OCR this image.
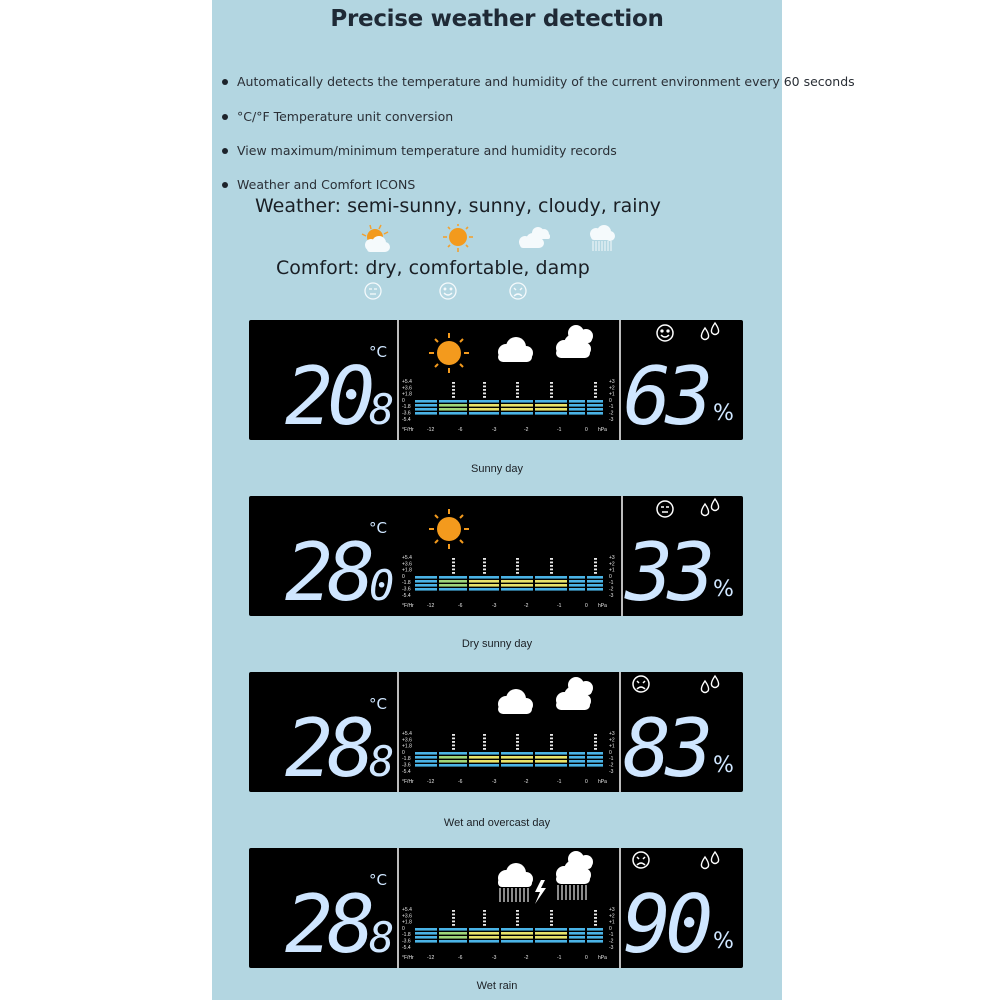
Precise weather detection
Automatically detects the temperature and humidity of the current environment every 60 seconds
°C/°F Temperature unit conversion
View maximum/minimum temperature and humidity records
Weather and Comfort ICONS
Weather: semi-sunny, sunny, cloudy, rainy
Comfort: dry, comfortable, damp
20 °C
8
+5.4
+3.6
+1.8
0
-1.8
-3.6
-5.4
+3
+2
+1
0
-1
-2
-3
°F/Hr	-12	-6	-3	-2	-1	0 hPa 63 %
Sunny day
28 °C
0
+5.4
+3.6
+1.8
0
-1.8
-3.6
-5.4
+3
+2
+1
0
-1
-2
-3
°F/Hr	-12	-6	-3	-2	-1	0 hPa 33 %
Dry sunny day
28 °C
8
+5.4
+3.6
+1.8
0
-1.8
-3.6
-5.4
+3
+2
+1
0
-1
-2
-3
°F/Hr	-12	-6	-3	-2	-1	0 hPa 83 %
Wet and overcast day
28 °C
8
+5.4
+3.6
+1.8
0
-1.8
-3.6
-5.4
+3
+2
+1
0
-1
-2
-3
°F/Hr	-12	-6	-3	-2	-1	0 hPa 90 %
Wet rain
